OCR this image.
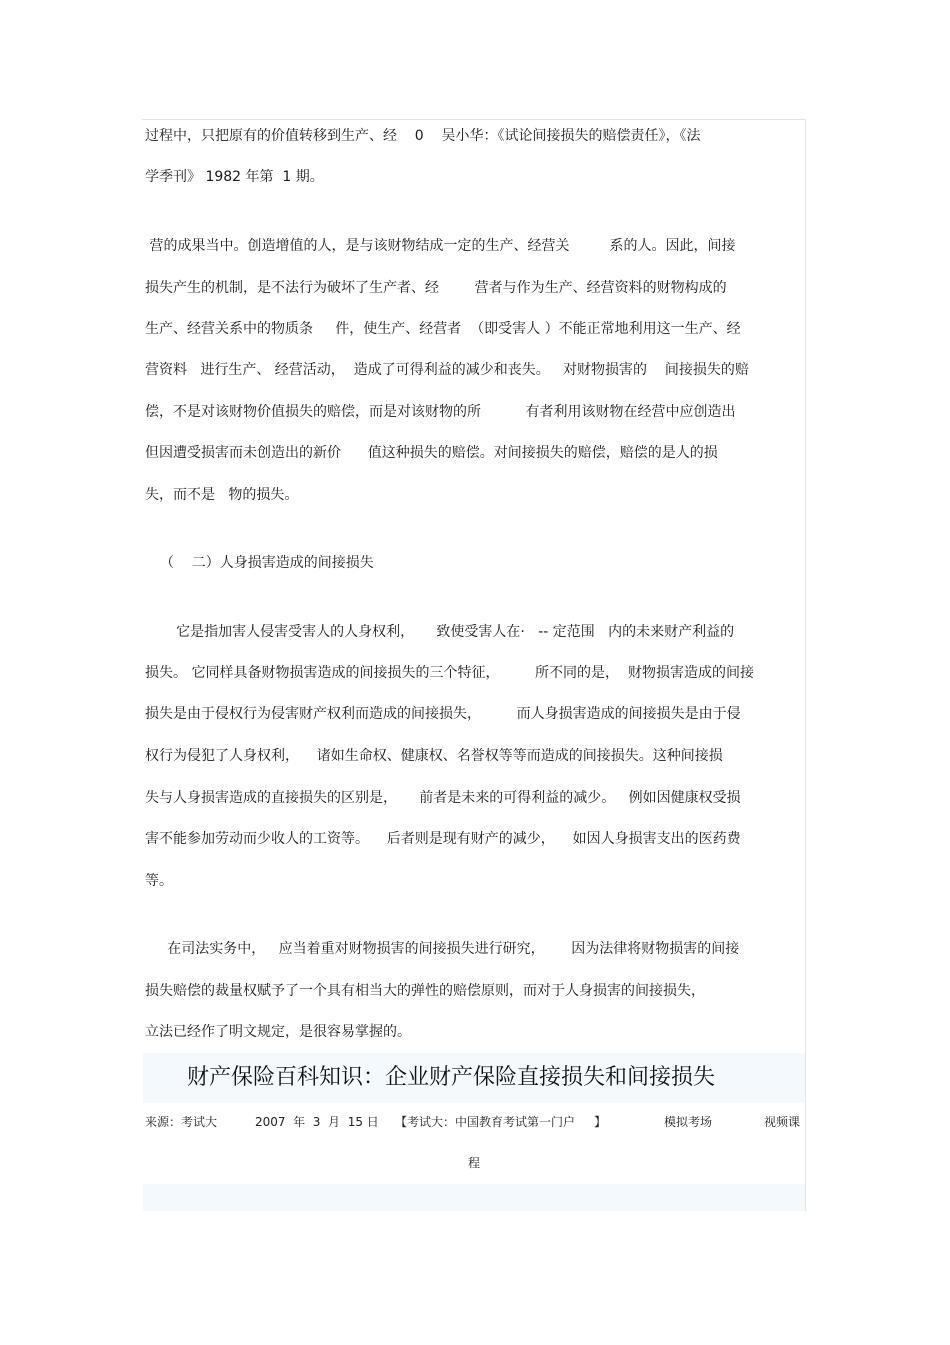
过程中，只把原有的价值转移到生产、经    0    吴小华：《试论间接损失的赔偿责任》，《法
学季刊》 1982 年第  1 期。
营的成果当中。创造增值的人，是与该财物结成一定的生产、经营关         系的人。因此，间接
损失产生的机制，是不法行为破坏了生产者、经        营者与作为生产、经营资料的财物构成的
生产、经营关系中的物质条     件，使生产、经营者  （即受害人 ）不能正常地利用这一生产、经
营资料   进行生产、 经营活动，  造成了可得利益的减少和丧失。   对财物损害的    间接损失的赔
偿，不是对该财物价值损失的赔偿，而是对该财物的所          有者利用该财物在经营中应创造出
但因遭受损害而未创造出的新价      值这种损失的赔偿。对间接损失的赔偿，赔偿的是人的损
失，而不是   物的损失。
（    二）人身损害造成的间接损失
它是指加害人侵害受害人的人身权利，     致使受害人在·   -- 定范围   内的未来财产利益的
损失。 它同样具备财物损害造成的间接损失的三个特征，        所不同的是，  财物损害造成的间接
损失是由于侵权行为侵害财产权利而造成的间接损失，        而人身损害造成的间接损失是由于侵
权行为侵犯了人身权利，    诸如生命权、健康权、名誉权等等而造成的间接损失。这种间接损
失与人身损害造成的直接损失的区别是，     前者是未来的可得利益的减少。   例如因健康权受损
害不能参加劳动而少收人的工资等。    后者则是现有财产的减少，    如因人身损害支出的医药费
等。
在司法实务中，   应当着重对财物损害的间接损失进行研究，      因为法律将财物损害的间接
损失赔偿的裁量权赋予了一个具有相当大的弹性的赔偿原则，而对于人身损害的间接损失，
立法已经作了明文规定，是很容易掌握的。
财产保险百科知识：企业财产保险直接损失和间接损失
来源：考试大	2007  年  3  月  15 日 【考试大：中国教育考试第一门户     】	模拟考场	视频课
程
